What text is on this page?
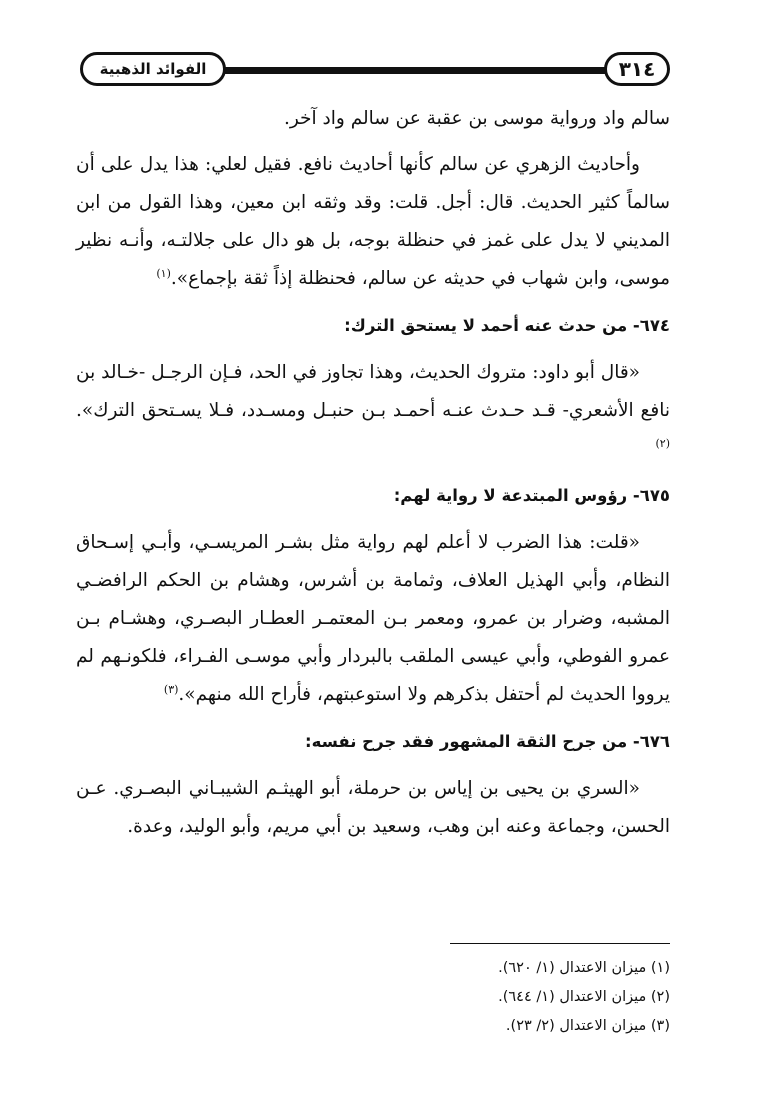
٣١٤
الفوائد الذهبية

سالم واد ورواية موسى بن عقبة عن سالم واد آخر.

وأحاديث الزهري عن سالم كأنها أحاديث نافع. فقيل لعلي: هذا يدل على أن سالماً كثير الحديث. قال: أجل. قلت: وقد وثقه ابن معين، وهذا القول من ابن المديني لا يدل على غمز في حنظلة بوجه، بل هو دال على جلالتـه، وأنـه نظير موسى، وابن شهاب في حديثه عن سالم، فحنظلة إذاً ثقة بإجماع».$^{(١)}$

٦٧٤- من حدث عنه أحمد لا يستحق الترك:

«قال أبو داود: متروك الحديث، وهذا تجاوز في الحد، فـإن الرجـل -خـالد بن نافع الأشعري- قـد حـدث عنـه أحمـد بـن حنبـل ومسـدد، فـلا يسـتحق الترك».$^{(٢)}$

٦٧٥- رؤوس المبتدعة لا رواية لهم:

«قلت: هذا الضرب لا أعلم لهم رواية مثل بشـر المريسـي، وأبـي إسـحاق النظام، وأبي الهذيل العلاف، وثمامة بن أشرس، وهشام بن الحكم الرافضـي المشبه، وضرار بن عمرو، ومعمر بـن المعتمـر العطـار البصـري، وهشـام بـن عمرو الفوطي، وأبي عيسى الملقب بالبردار وأبي موسـى الفـراء، فلكونـهم لم يرووا الحديث لم أحتفل بذكرهم ولا استوعبتهم، فأراح الله منهم».$^{(٣)}$

٦٧٦- من جرح الثقة المشهور فقد جرح نفسه:

«السري بن يحيى بن إياس بن حرملة، أبو الهيثـم الشيبـاني البصـري. عـن الحسن، وجماعة وعنه ابن وهب، وسعيد بن أبي مريم، وأبو الوليد، وعدة.

(١) ميزان الاعتدال (١/ ٦٢٠).
(٢) ميزان الاعتدال (١/ ٦٤٤).
(٣) ميزان الاعتدال (٢/ ٢٣).
